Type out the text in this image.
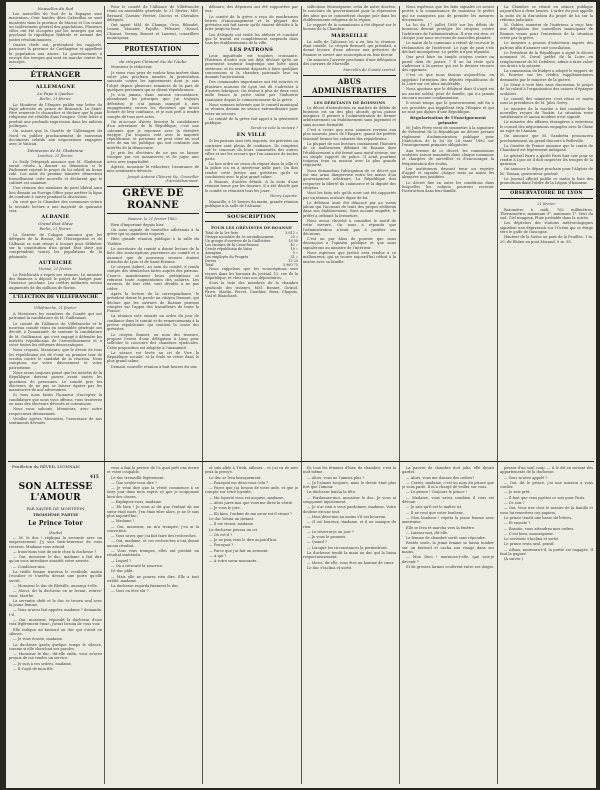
Nouvelles du Sud

Les nouvelles du Sud de la Espagne sont mauvaises. Cent bandes dites Cabecillas se sont montrées dans la province de Murcie et l'on craint un soulèvement général des populations. Plusieurs villes ont été occupées par les insurgés qui ont proclamé la république fédérale et nommé des juntes révolutionnaires.

Quatre chefs ont, prétendent les rapports, parcouru la province de Carthagène et appellent la population aux armes. Le gouvernement a envoyé des troupes qui sont en marche contre les insurgés.

ÉTRANGER
ALLEMAGNE
Le Pape à Quebec
Berlin, 21 février.

Le Moniteur de l'Empire publie une lettre du Pape adressée au prince de Bismarck. Le Saint-Père remercie le chancelier et déclare que la paix religieuse est rétablie dans l'empire. Cette lettre a produit une profonde impression dans les milieux politiques.

On assure que la Gazette de l'Allemagne du Nord va publier prochainement de nouveaux documents relatifs aux négociations engagées avec le Vatican.

Démission de M. Gladstone
Londres, 21 février.

Le Daily Telegraph annonce que M. Gladstone serait résolu à donner sa démission si le Parlement rejetait le projet de loi relatif au home rule. Les amis du premier ministre démentent formellement cette nouvelle et déclarent que le cabinet est unanime.

Une réunion des membres du parti libéral aura lieu demain au Foreign Office pour arrêter la ligne de conduite à suivre pendant la discussion.

On croit que la Chambre des communes votera la seconde lecture à une majorité de quarante voix.

ALBANIE
Grand Etat Slave
Berlin, 21 février.

La Gazette de Cologne annonce que les délégués de la Bosnie, de l'Herzégovine et de l'Albanie se sont réunis à Scutari pour délibérer sur la constitution d'un grand Etat slave qui comprendrait toutes les populations de la péninsule.

AUTRICHE
Vienne, 21 février.

Le Reichsrath a repris ses séances. Le ministre des finances a déposé le projet de budget pour l'exercice prochain. Les crédits militaires seront augmentés de dix millions de florins.

L'ÉLECTION DE VILLEFRANCHE
Villefranche, 21 février.

A Messieurs les membres du Comité qui ont patronné la candidature de M. Guillemaut.

Le comité de l'Alliance de Villefranche et le nouveau comité réuni en assemblée générale ont décidé, à l'unanimité, de soutenir la candidature de M. Guillemaut, qui s'est engagé à défendre les intérêts républicains de l'arrondissement et à voter toutes les réformes démocratiques.

Nous croyons, Messieurs, que le devoir de tous les républicains est de s'unir au premier tour de scrutin contre le candidat de la réaction. Nous comptons sur votre dévouement et votre patriotisme.

Nous avons toujours pensé que les intérêts de la République doivent passer avant toutes les questions de personnes. Le comité prie les électeurs de ne pas se laisser égarer par les manœuvres de nos adversaires.

Si vous nous faites l'honneur d'accepter la candidature que nous vous offrons, vous trouverez en nous des électeurs dévoués et convaincus.

Nous vous saluons, Messieurs, avec notre respectueux dévouement.

Veuillez agréer, Messieurs, l'assurance de nos sentiments dévoués.

Pour le comité de l'Alliance de Villefranche réuni en assemblée générale, le 21 février: MM. Bernard, Garnier, Perrier, Ducros et Chevalier, délégués.

Ont signé: MM. de Champs, Gros, Riboulet, Lenoir, Monnier, Fayolle, Pélissier, Giraud, Chomat, Vernay, Bonnet et Laurent, conseillers municipaux.

PROTESTATION
du citoyen Clément Sic de l'Aube

Monsieur le rédacteur,

Je viens vous prier de vouloir bien insérer dans votre plus prochain numéro la protestation suivante contre les agissements dont je suis l'objet depuis plusieurs semaines de la part de quelques personnes qui se disent républicaines.

Je n'ai jamais, dans aucune circonstance, abandonné les principes que j'ai toujours défendus; je n'ai jamais manqué à mes engagements envers les électeurs qui m'ont honoré de leur confiance, et je suis prêt à rendre compte de tous mes actes.

On m'accuse d'avoir favorisé la candidature d'un adversaire de la République; c'est une calomnie que je repousse avec la dernière énergie. J'ai toujours voté avec la majorité républicaine, et personne ne peut citer un seul acte de ma vie publique qui soit contraire aux intérêts de la démocratie.

Je prie les électeurs de ne pas se laisser tromper par ces manœuvres et de juger mes actes avec impartialité.

Agréez, monsieur le rédacteur, l'assurance de mes sentiments dévoués.

Joseph Antoine Clément Sic, Conseiller d'Arrondissement.
GRÈVE DE ROANNE
Roanne, le 21 février 1882.

Rien d'important depuis hier.

On nous signale de nouvelles adhésions à la grève qui se maintient toujours.

Hier, grande réunion publique à la salle du Théâtre.

Le secrétaire du comité a donné lecture de la liste des souscriptions parvenues au comité et a annoncé que de nouveaux secours étaient attendus de Lyon et de Saint-Étienne.

Le citoyen Aubert, au nom du comité, a rendu compte des démarches faites auprès des patrons. Ceux-ci maintiennent leurs prétentions et refusent toute augmentation des salaires. Les ouvriers, de leur côté, sont décidés à ne pas céder.

Après la lecture de la correspondance, le président donne la parole au citoyen Dumont, qui déclare que les ouvriers de Roanne peuvent compter sur l'appui des travailleurs de toute la France.

La réunion vote ensuite un ordre du jour de confiance dans le comité et de remerciements à la presse républicaine qui soutient la cause des grévistes.

Le citoyen Bonnet, au nom des tisseurs, propose l'envoi d'une délégation à Lyon pour solliciter le concours des chambres syndicales. Cette proposition est adoptée à l'unanimité.

La séance est levée au cri de Vive la République sociale! et la foule se retire dans le plus grand calme.

Demain, nouvelle réunion à huit heures du soir.

débours; des dépenses ont été supportées par eux.

Le comité de la grève a reçu de nombreuses lettres d'encouragement et la plupart des grévistes ont fait savoir qu'ils étaient décidés à la lutte jusqu'au bout.

Les délégués ont visité les ateliers et constaté que le travail est complètement suspendu dans tous les établissements de la ville.

LES PATRONS

Leur inquiétude est toujours croissante. Plusieurs d'entre eux ont déjà déclaré qu'ils ne pourraient soutenir longtemps une lutte aussi onéreuse, et ils seraient disposés à faire quelques concessions si la chambre patronale leur en donnait l'autorisation.

Des commandes importantes ont été retirées et plusieurs maisons de Lyon ont dû s'adresser à d'autres fabriques. On évalue à plus de deux cent mille francs la perte subie par l'industrie roannaise depuis le commencement de la grève.

Nous sommes informés que le conseil municipal se réunira demain en séance extraordinaire pour voter un secours.

Le comité de la grève fait appel à la générosité publique.

Serait-ce cela la victoire ?
EN VILLE

Si les patrons sont très inquiets, les grévistes au contraire sont pleins de confiance. Ils comptent sur le concours de leurs camarades des autres villes et sur les secours que l'on annonce de toutes parts.

Le bon ordre ne cesse de régner dans la ville et la police n'a eu à intervenir nulle part. On doit rendre cette justice aux grévistes qu'ils se conduisent avec le plus grand calme.

A Roanne, d'autres détails. A la suite d'une réunion tenue par les tisseurs, il a été décidé que le comité se réunirait tous les jours.

Henry Laporte.

Marseille, à 10 heures du matin, grande réunion publique à la salle de l'Alcazar.

SOUSCRIPTION
POUR LES GRÉVISTES DE ROANNE
Total de la 1re liste	3.812 »
Groupe socialiste du 3e arrondissement	25 »
Un groupe d'ouvriers de la Guillotière	18 50
Les tisseurs de la Croix-Rousse	42 »
Cercle républicain de Vaise	15 »
Anonyme	5 »
Les employés du Progrès	31 »
Divers	12 25
Total	3.960 75

Nous rappelons que les souscriptions sont reçues dans les bureaux du journal, 12, rue de la République, et chez tous nos dépositaires.

Sous la liste des membres de la chambre syndicale des tisseurs, MM. Bonnet, Giraud, Favre, Martin, Perret, Gauthier, Roux, Chapuis, Vial et Blanchard.

sollicitons Monseigneur, celui de notre diocèse, le concours du gouvernement pour la répression des abus qui se commettent chaque jour dans les établissements religieux de la région.

Le rapport de la commission a été déposé sur le bureau de la Chambre.

MARSEILLE

La salle de l'Alcazar, où a eu lieu la réunion, était comble. Le citoyen Bernard, qui présidait, a donné lecture d'une adresse aux grévistes de Roanne et ouvert une souscription en leur faveur.

On annonce l'arrivée prochaine d'une délégation des ouvriers de Marseille.

Marcellin du Comité central.
ABUS ADMINISTRATIFS
LES DÉBITANTS DE BOISSONS

Le décret d'interdiction en matière de débits de boissons est un des plus abusifs qu'on puisse imaginer. Il permet à l'administration de fermer arbitrairement un établissement sans jugement et sans aucune formalité.

C'est à croire que nous sommes revenus aux plus mauvais jours de l'Empire, quand les préfets faisaient fermer les cabarets des républicains.

La plupart de nos lecteurs connaissent l'histoire de ce malheureux débitant de Roanne dont l'établissement a été fermé sans motif sérieux, sur un simple rapport de police. Il avait pourtant toujours tenu sa maison avec la plus grande régularité.

Nous demandons l'abrogation de ce décret qui est une arme dangereuse entre les mains d'un gouvernement arbitraire. La République doit respecter la liberté du commerce et la dignité des citoyens.

Voici les faits tels qu'ils nous ont été rapportés par un témoin oculaire digne de foi.

Le débitant avait été dénoncé par un voisin jaloux qui l'accusait de tenir des propos séditieux dans son établissement. Sans aucune enquête, le préfet a ordonné la fermeture.

Nous avons cherché à connaître le motif de cette mesure. On nous a répondu que l'administration n'avait pas à justifier ses décisions.

C'est un pur abus de pouvoir que nous dénonçons à l'opinion publique et que nous signalerons au ministre de l'intérieur.

Nous espérons que justice sera rendue à ce malheureux, qui se trouve aujourd'hui réduit à la misère avec sa famille.

Nous espérons que les faits signalés ici seront portés à la connaissance de monsieur le préfet qui ne manquera pas de prendre les mesures nécessaires.

La loi du 17 juillet 1880 sur les débits de boissons devrait protéger les citoyens contre l'arbitraire de l'administration. Il n'en est rien, et chaque jour nous recevons de nouvelles plaintes.

Le maire de la commune a refusé de recevoir la réclamation de l'intéressé. Le juge de paix s'est déclaré incompétent. Le préfet n'a pas répondu.

Que peut faire un simple citoyen contre un pareil déni de justice ? Il ne lui reste qu'à s'adresser à la presse qui est le dernier recours des opprimés.

C'est ce que nous faisons aujourd'hui, en appelant l'attention des députés républicains de la Loire sur cet abus intolérable.

Nous ajoutons que le débitant dont il s'agit est un ancien soldat, père de famille, qui n'a jamais encouru aucune condamnation.

Il serait temps que le gouvernement mît fin à ces procédés qui rappellent trop l'Empire et qui ne sont pas dignes d'une République.

Régularisation de l'Enseignement primaire

M. Jules Ferry vient de soumettre à la signature du Président de la République un décret portant règlement d'administration publique pour l'exécution de la loi du 28 mars 1882 sur l'enseignement primaire obligatoire.

Aux termes de ce décret, les commissions scolaires seront nommées dans chaque commune et chargées de surveiller et d'encourager la fréquentation des écoles.

Les instituteurs devront tenir un registre d'appel et signaler chaque mois au maire les absences non justifiées.

Le décret fixe en outre les conditions dans lesquelles les enfants pourront recevoir l'instruction dans leur famille.

La Chambre se réunit en séance publique aujourd'hui à deux heures. L'ordre du jour appelle la suite de la discussion du projet de loi sur la réforme judiciaire.

M. Goblet, ministre de l'intérieur, a reçu hier une délégation des conseillers municipaux de Roanne venus pour l'entretenir de la situation créée par la grève.

Le ministre a promis d'intervenir auprès des patrons afin d'amener une conciliation.

Le Président de la République a signé le décret nommant M. Duval préfet de la Loire en remplacement de M. Lefebvre, admis à faire valoir ses droits à la retraite.

La commission du budget a adopté le rapport de M. Rouvier sur les crédits supplémentaires demandés par le ministre de la guerre.

Le Sénat a voté hier, sans discussion, le projet de loi relatif à l'organisation des caisses d'épargne scolaires.

Le conseil des ministres s'est réuni ce matin sous la présidence de M. Jules Grévy.

Le ministre de la marine a fait connaître les nouvelles reçues du Tonkin. La situation reste satisfaisante et aucun incident n'est signalé.

Le ministre des affaires étrangères a entretenu le conseil des négociations engagées avec la Chine au sujet de l'Annam.

On annonce que M. Gambetta prononcera prochainement un grand discours à Belleville.

La Gazette de France annonce que le comte de Chambord est légèrement indisposé.

Le général Farre a quitté Paris hier soir pour se rendre à Lyon où il doit inspecter les troupes de la garnison.

On annonce le départ prochain pour l'Algérie de M. Tirman, gouverneur général.

Le Journal officiel publie ce matin la liste des promotions dans l'ordre de la Légion d'honneur.

OBSERVATOIRE DE LYON
21 février.

Baromètre à midi, 762 millimètres. Thermomètre, maximum 9°, minimum 1°. Vent du sud. Ciel nuageux. Pluie probable dans la soirée.

Les dépêches des stations météorologiques signalent une dépression sur l'Océan qui se dirige vers le golfe de Gascogne.

Hauteur de la Saône au pont de la Feuillée, 1 m. 20; du Rhône au pont Morand, 0 m. 95.

Feuilleton du RÉVEIL LYONNAIS
415
SON ALTESSE L'AMOUR
PAR XAVIER DE MONTÉPIN
TROISIÈME PARTIE
Le Prince Totor
(Suite)

— M. le duc ! répliqua la servante avec un empressement. J'y suis bien-heureuse de vous recevoir. Madame vous attend.

— Irons-nous tout de suite chez la duchesse ?

— Oui, monsieur le duc, madame a fait dire qu'on vous introduise aussitôt votre arrivée.

— Conduisez-moi.

La vieille femme traversa le vestibule, monta l'escalier et s'arrêta devant une porte qu'elle ouvrit.

— Monsieur le duc de Rhéville, annonça-t-elle.

— Merci, dit la duchesse en se levant, retirez-vous, Marthe.

La servante obéit et le duc se trouva seul avec la jeune femme.

— Vous m'avez fait appeler, madame ? demanda-t-il.

— Oui, monsieur, répondit la duchesse d'une voix légèrement émue, j'avais besoin de vous voir.

Elle indiqua un fauteuil au duc qui s'assit en silence.

— Je vous écoute, madame.

La duchesse garda quelque temps le silence, comme si elle cherchait ses paroles.

— Monsieur le duc, dit-elle enfin, vous m'avez promis de me rendre un service.

— Je suis à vos ordres, madame.

— Il s'agit de mon fils.

vous a fait la preuve de l'a quoi prêt ons écrire et votre coupable.

Le duc tressaillit légèrement.

— Que voulez-vous dire ?

— Je veux dire que la vérité commence à se faire jour dans mon esprit, et que je soupçonne bien des choses.

— Expliquez-vous, madame.

— Eh bien ! Je vous ai dit que l'enfant de ma sœur était mort. J'en étais sûre alors, je ne le suis plus aujourd'hui.

— Madame !

— Oui, monsieur, on m'a trompée, j'en ai la conviction.

— Vous savez que j'ai fait faire des recherches.

— Oui, madame, et ces recherches n'ont donné aucun résultat.

— Vous vous trompez, elles ont produit un résultat inattendu.

— Lequel ?

— On a retrouvé la nourrice.

Le duc pâlit.

— Mais elle ne pourra rien dire. Elle a tout oublié, madame.

La duchesse regarda fixement le duc.

— Vous en êtes sûr ?

et suis allée à Tivoli, ailleurs... et j'ai vu de mes yeux la preuve.

Le duc se leva brusquement.

— Pourquoi me dites-vous cela ?

— Parce que j'ai besoin de votre aide, et que je compte sur votre loyauté.

— Ma loyauté vous est acquise, madame.

— Alors jurez-moi que vous me direz la vérité.

— Je vous le jure.

— Eh bien, l'enfant de ma sœur est-il vivant ?

Le duc hésita un instant.

— Il est vivant, madame.

La duchesse poussa un cri.

— Où est-il ?

— Je ne puis vous le dire aujourd'hui.

— Pourquoi ?

— Parce que j'ai fait un serment.

— A qui ?

— A votre sœur mourante.

Ils tous les femmes d'hier, de chambre, c'est la nuit même.

— Alors, vous ne l'aimiez plus ?

— Je l'aimais toujours, mais le devoir était plus fort que l'amour.

La duchesse baissa la tête.

— Pardonnez-moi, monsieur le duc. Je vous ai soupçonné injustement.

— Je n'ai rien à vous pardonner, madame. Votre douleur excuse tout.

— Mais dites-moi au moins s'il est heureux.

— Il est heureux, madame, et il ne manque de rien.

— Le reverrai-je un jour ?

— Je vous le promets.

— Quand ?

— Lorsque les circonstances le permettront.

La duchesse tendit la main au duc qui la baisa respectueusement.

— Merci, dit-elle, vous êtes un homme de cœur.

Le duc s'inclina et sortit.

La pauvre de chambre doit jolie, elle devait garder.

— Alors, vous me donnez des ordres?

— Certes, madame, c'est au nom du prince que je vous parle. Il m'a chargé de veiller sur vous.

— Le prince ! Toujours le prince !

— Madame, vous savez combien il vous est dévoué.

— Je sais qu'il est le maître ici.

— Il ne veut que votre bonheur.

— Mon bonheur ! répéta la jeune femme avec amertume.

Elle se leva et marcha vers la fenêtre.

— Laissez-moi, dit-elle.

La femme de chambre sortit sans répondre.

Restée seule, la jeune femme se laissa tomber sur un fauteuil et cacha son visage dans ses mains.

— Mon Dieu ! murmura-t-elle, que vais-je devenir ?

Et de grosses larmes coulèrent entre ses doigts.

penser d'un seul coup. — il le dit en sortant des appartements de la duchesse.

— Vous m'avez appelé ?

— Oui, dit le prince, j'ai une mission à vous confier.

— Je suis prêt.

— Il faut que vous partiez ce soir pour Paris.

— Ce soir ?

— Oui. Vous irez chez le notaire de la famille et vous lui remettrez ces papiers.

Le prince tendit une liasse de lettres.

— Et ensuite ?

— Ensuite, vous attendrez mes ordres.

— C'est bien, monseigneur.

Le serviteur s'inclina et sortit.

Le prince resta seul, pensif.

— Allons, murmura-t-il, la partie est engagée. Il faut la gagner.

(A suivre.)
